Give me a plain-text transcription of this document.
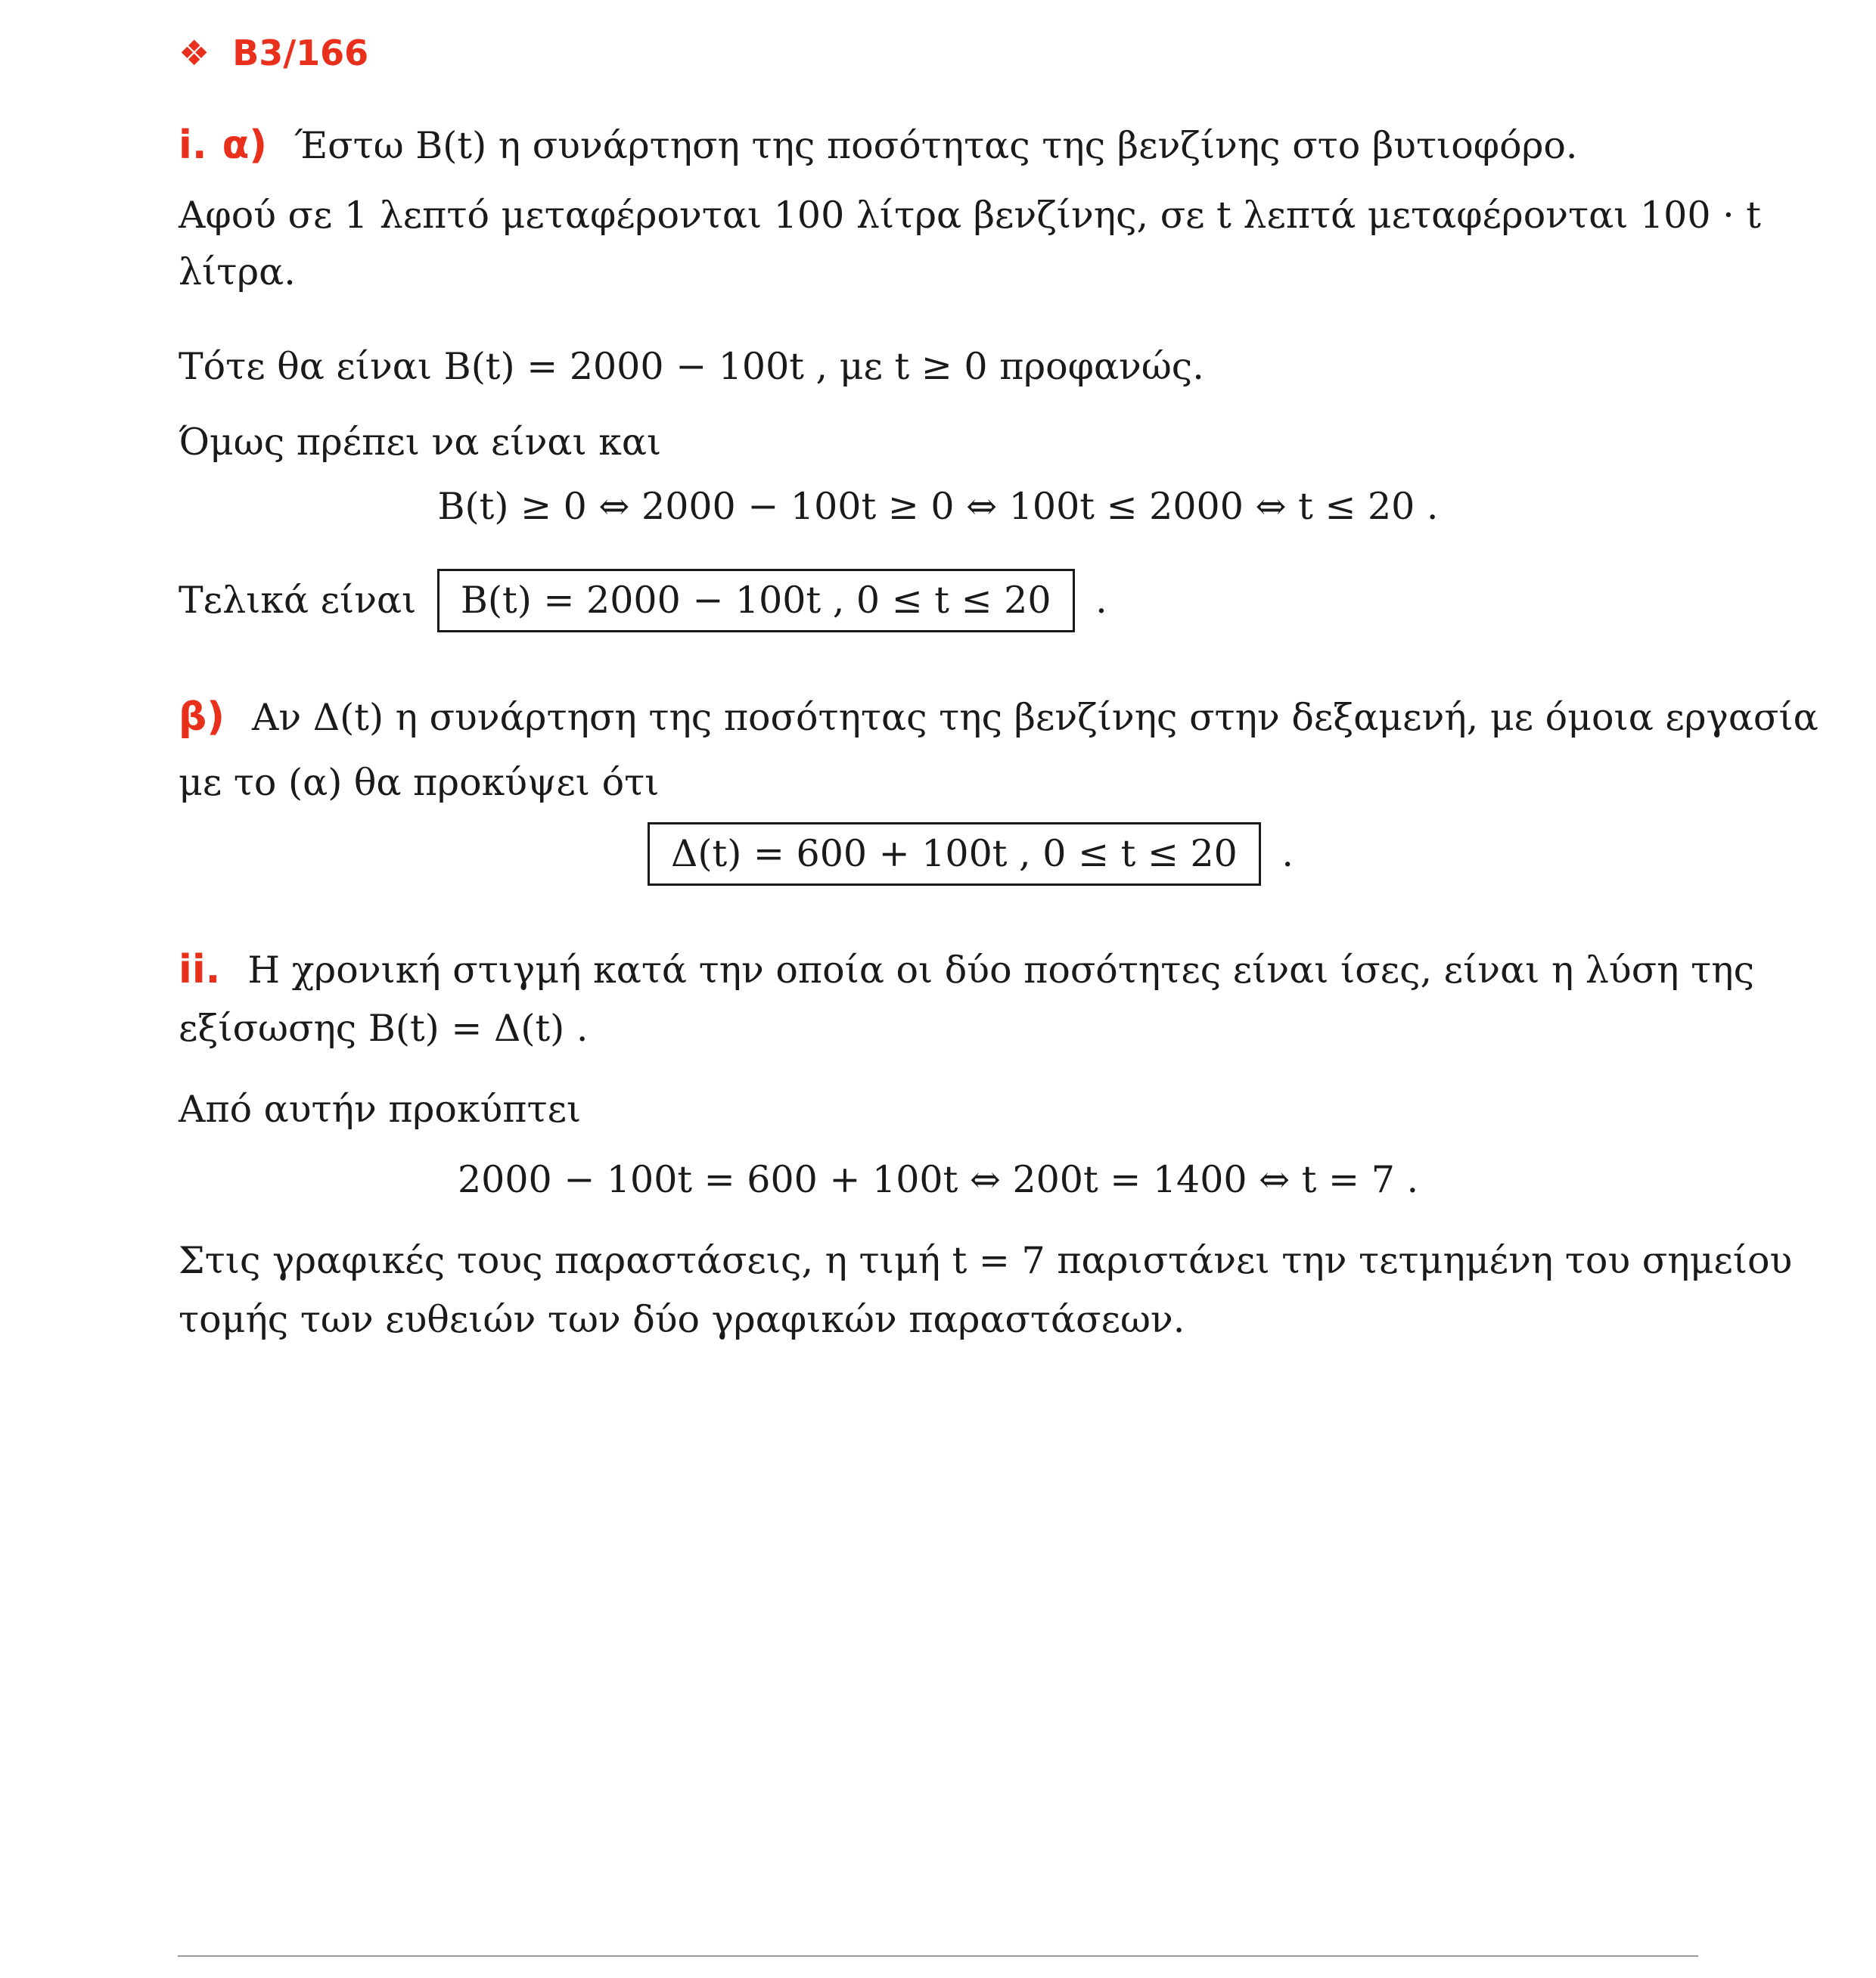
❖ B3/166
i. α) Έστω B(t) η συνάρτηση της ποσότητας της βενζίνης στο βυτιοφόρο.
Αφού σε 1 λεπτό μεταφέρονται 100 λίτρα βενζίνης, σε t λεπτά μεταφέρονται 100 · t
λίτρα.
Τότε θα είναι B(t) = 2000 − 100t , με t ≥ 0 προφανώς.
Όμως πρέπει να είναι και
B(t) ≥ 0 ⇔ 2000 − 100t ≥ 0 ⇔ 100t ≤ 2000 ⇔ t ≤ 20 .
Τελικά είναι B(t) = 2000 − 100t , 0 ≤ t ≤ 20 .
β) Αν Δ(t) η συνάρτηση της ποσότητας της βενζίνης στην δεξαμενή, με όμοια εργασία
με το (α) θα προκύψει ότι
Δ(t) = 600 + 100t , 0 ≤ t ≤ 20 .
ii. Η χρονική στιγμή κατά την οποία οι δύο ποσότητες είναι ίσες, είναι η λύση της
εξίσωσης B(t) = Δ(t) .
Από αυτήν προκύπτει
2000 − 100t = 600 + 100t ⇔ 200t = 1400 ⇔ t = 7 .
Στις γραφικές τους παραστάσεις, η τιμή t = 7 παριστάνει την τετμημένη του σημείου
τομής των ευθειών των δύο γραφικών παραστάσεων.
